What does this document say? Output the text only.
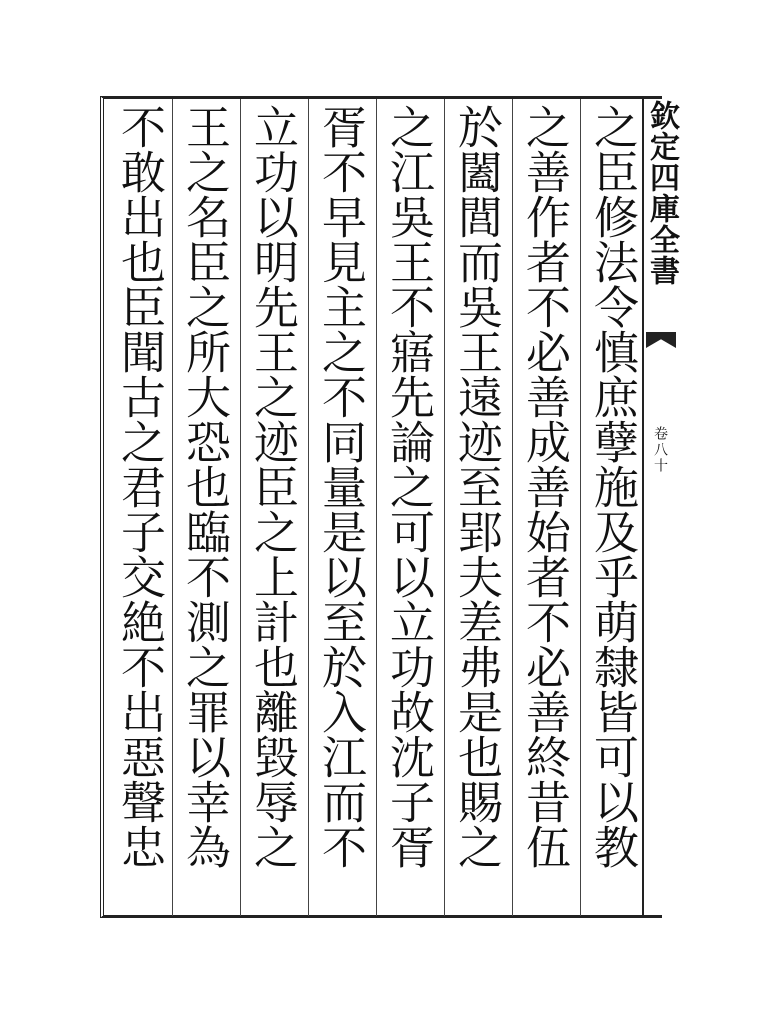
欽定四庫全書
卷八十
之臣修法令慎庶孽施及乎萌隸皆可以教
之善作者不必善成善始者不必善終昔伍
於闔閭而吳王遠迹至郢夫差弗是也賜之
之江吳王不寤先論之可以立功故沈子胥
胥不早見主之不同量是以至於入江而不
立功以明先王之迹臣之上計也離毀辱之
王之名臣之所大恐也臨不測之罪以幸為
不敢出也臣聞古之君子交絶不出惡聲忠
